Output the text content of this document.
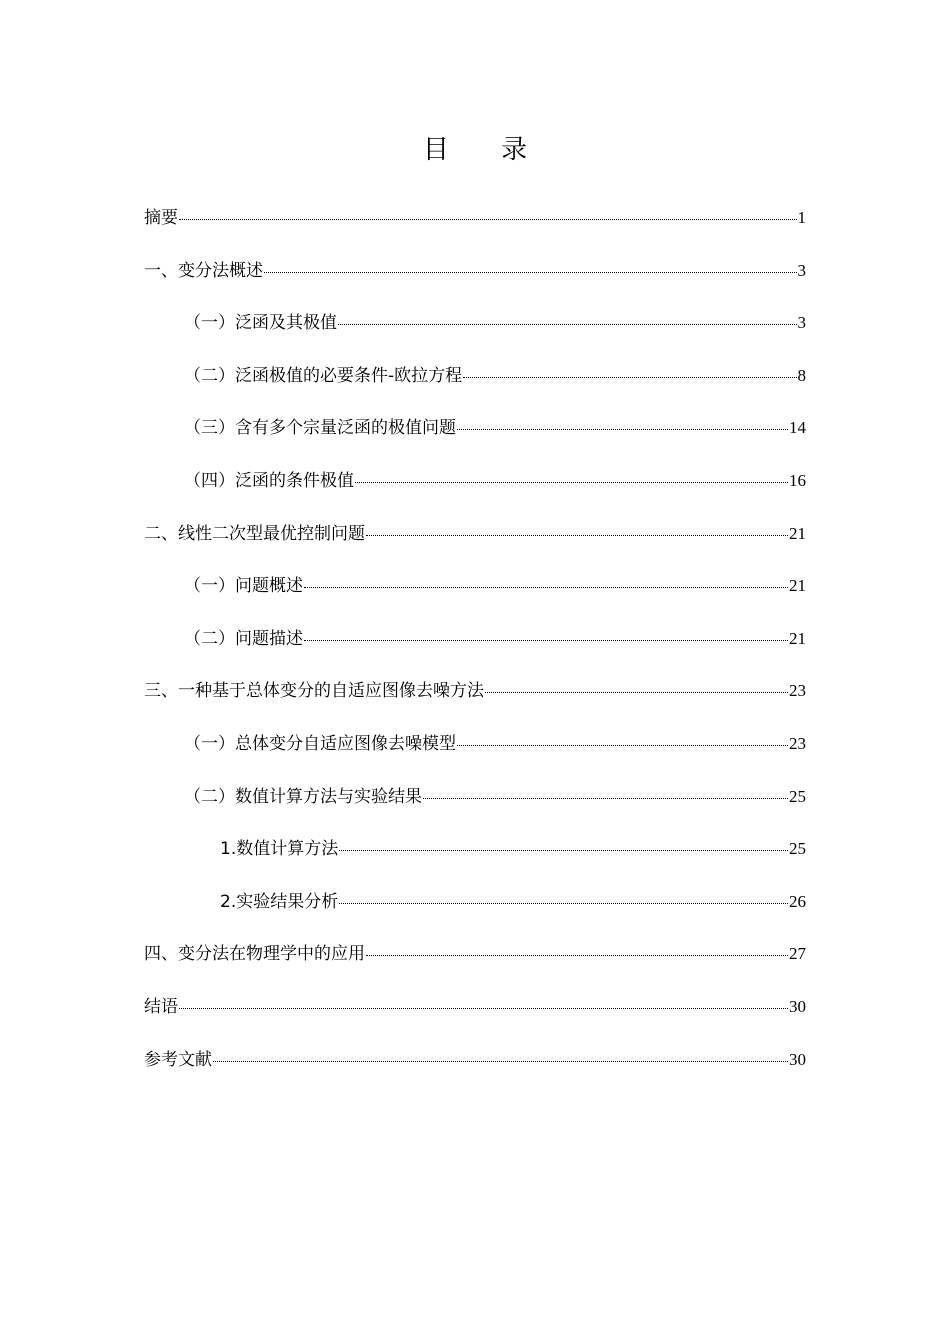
目 录
摘要	1
一、变分法概述	3
（一）泛函及其极值	3
（二）泛函极值的必要条件-欧拉方程	8
（三）含有多个宗量泛函的极值问题	14
（四）泛函的条件极值	16
二、线性二次型最优控制问题	21
（一）问题概述	21
（二）问题描述	21
三、一种基于总体变分的自适应图像去噪方法	23
（一）总体变分自适应图像去噪模型	23
（二）数值计算方法与实验结果	25
1.数值计算方法	25
2.实验结果分析	26
四、变分法在物理学中的应用	27
结语	30
参考文献	30
